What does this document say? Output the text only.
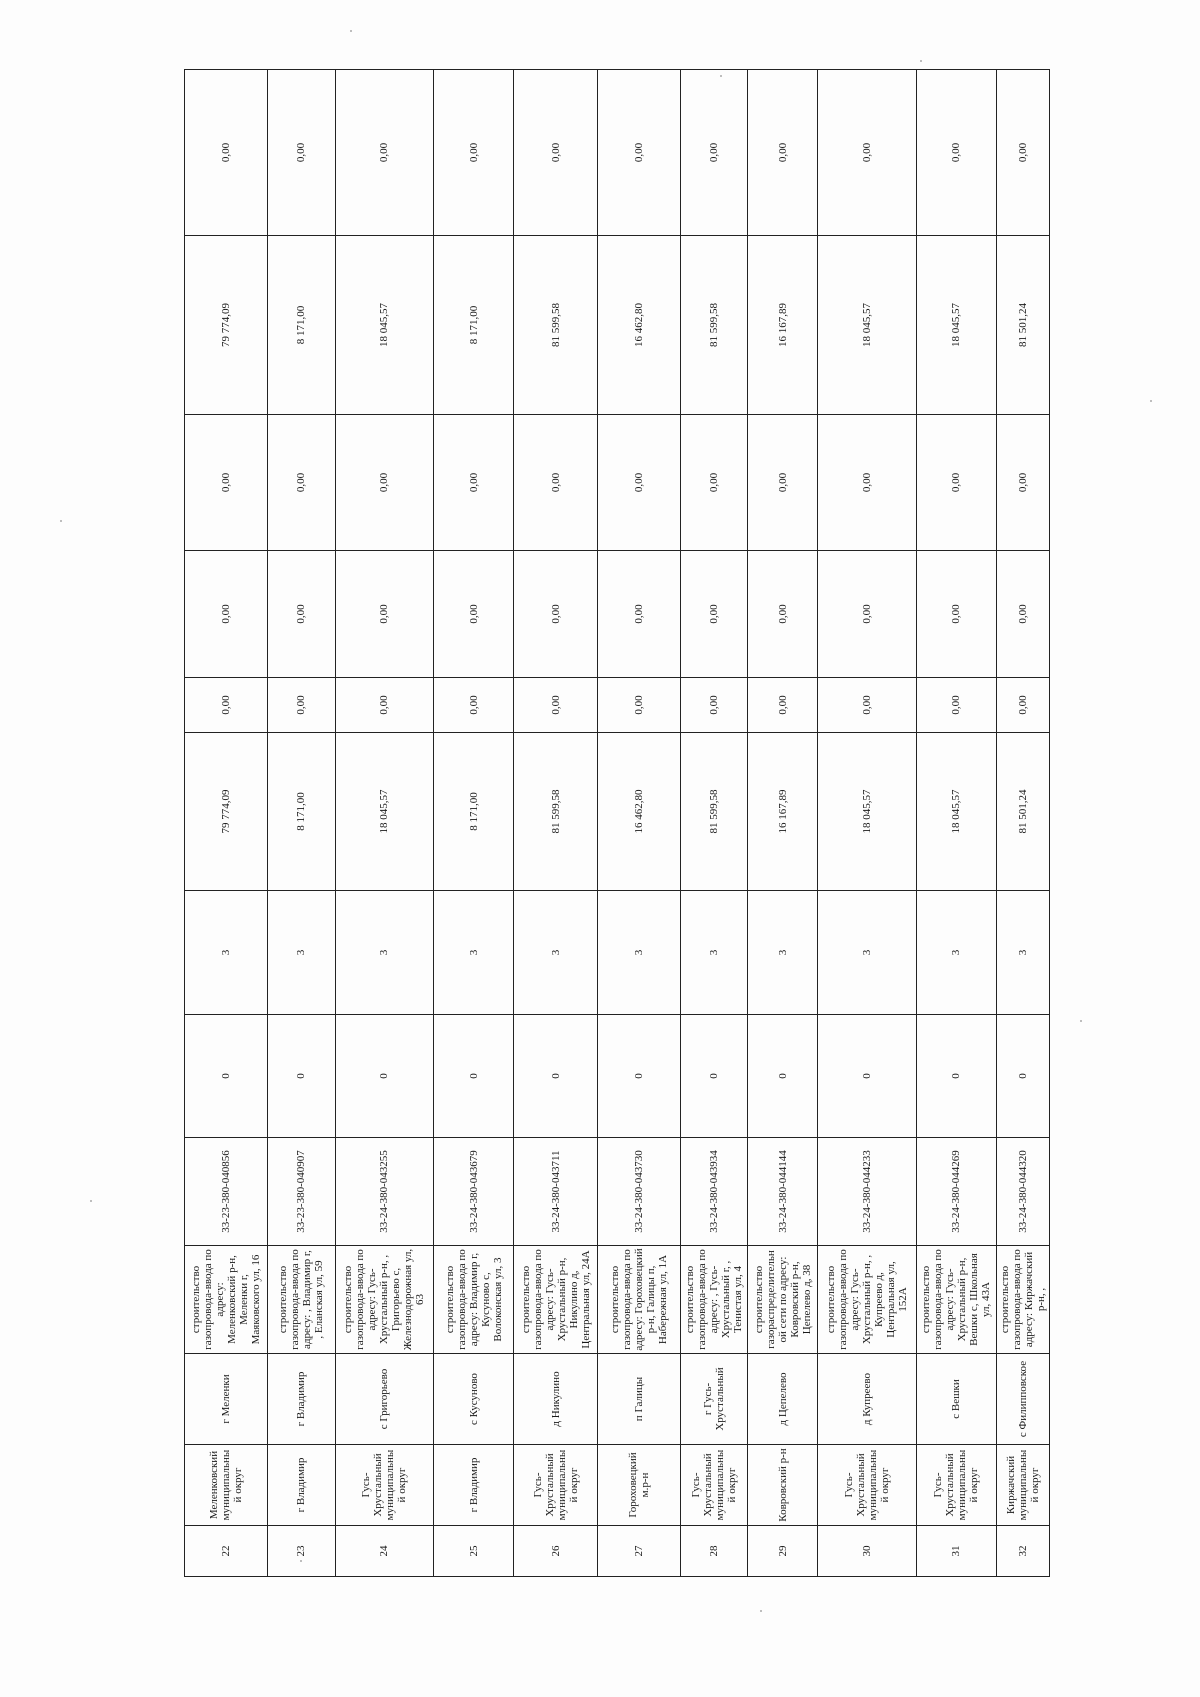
22	Меленковский муниципальны й округ	г Меленки	строительство газопровода-ввода по адресу: Меленковский р-н, Меленки г, Маяковского ул, 16	33-23-380-040856	0	3	79 774,09	0,00	0,00	0,00	79 774,09	0,00
23	г Владимир	г Владимир	строительство газопровода-ввода по адресу: , Владимир г, , Еланская ул, 59	33-23-380-040907	0	3	8 171,00	0,00	0,00	0,00	8 171,00	0,00
24	Гусь-Хрустальный муниципальны й округ	с Григорьево	строительство газопровода-ввода по адресу: Гусь-Хрустальный р-н, , Григорьево с, Железнодорожная ул, 63	33-24-380-043255	0	3	18 045,57	0,00	0,00	0,00	18 045,57	0,00
25	г Владимир	с Кусуново	строительство газопровода-ввода по адресу: Владимир г, Кусуново с, Волоконская ул, 3	33-24-380-043679	0	3	8 171,00	0,00	0,00	0,00	8 171,00	0,00
26	Гусь-Хрустальный муниципальны й округ	д Никулино	строительство газопровода-ввода по адресу: Гусь-Хрустальный р-н, Никулино д, Центральная ул, 24А	33-24-380-043711	0	3	81 599,58	0,00	0,00	0,00	81 599,58	0,00
27	Гороховецкий м.р-н	п Галицы	строительство газопровода-ввода по адресу: Гороховецкий р-н, Галицы п, Набережная ул, 1А	33-24-380-043730	0	3	16 462,80	0,00	0,00	0,00	16 462,80	0,00
28	Гусь-Хрустальный муниципальны й округ	г Гусь-Хрустальный	строительство газопровода-ввода по адресу: , Гусь-Хрустальный г, , Тенистая ул, 4	33-24-380-043934	0	3	81 599,58	0,00	0,00	0,00	81 599,58	0,00
29	Ковровский р-н	д Цепелево	строительство газораспределительн ой сети по адресу: Ковровский р-н, Цепелево д, 38	33-24-380-044144	0	3	16 167,89	0,00	0,00	0,00	16 167,89	0,00
30	Гусь-Хрустальный муниципальны й округ	д Купреево	строительство газопровода-ввода по адресу: Гусь-Хрустальный р-н, , Купреево д, Центральная ул, 152А	33-24-380-044233	0	3	18 045,57	0,00	0,00	0,00	18 045,57	0,00
31	Гусь-Хрустальный муниципальны й округ	с Вешки	строительство газопровода-ввода по адресу: Гусь-Хрустальный р-н, Вешки с, Школьная ул, 43А	33-24-380-044269	0	3	18 045,57	0,00	0,00	0,00	18 045,57	0,00
32	Киржачский муниципальны й округ	с Филипповское	строительство газопровода-ввода по адресу: Киржачский р-н, ,	33-24-380-044320	0	3	81 501,24	0,00	0,00	0,00	81 501,24	0,00
